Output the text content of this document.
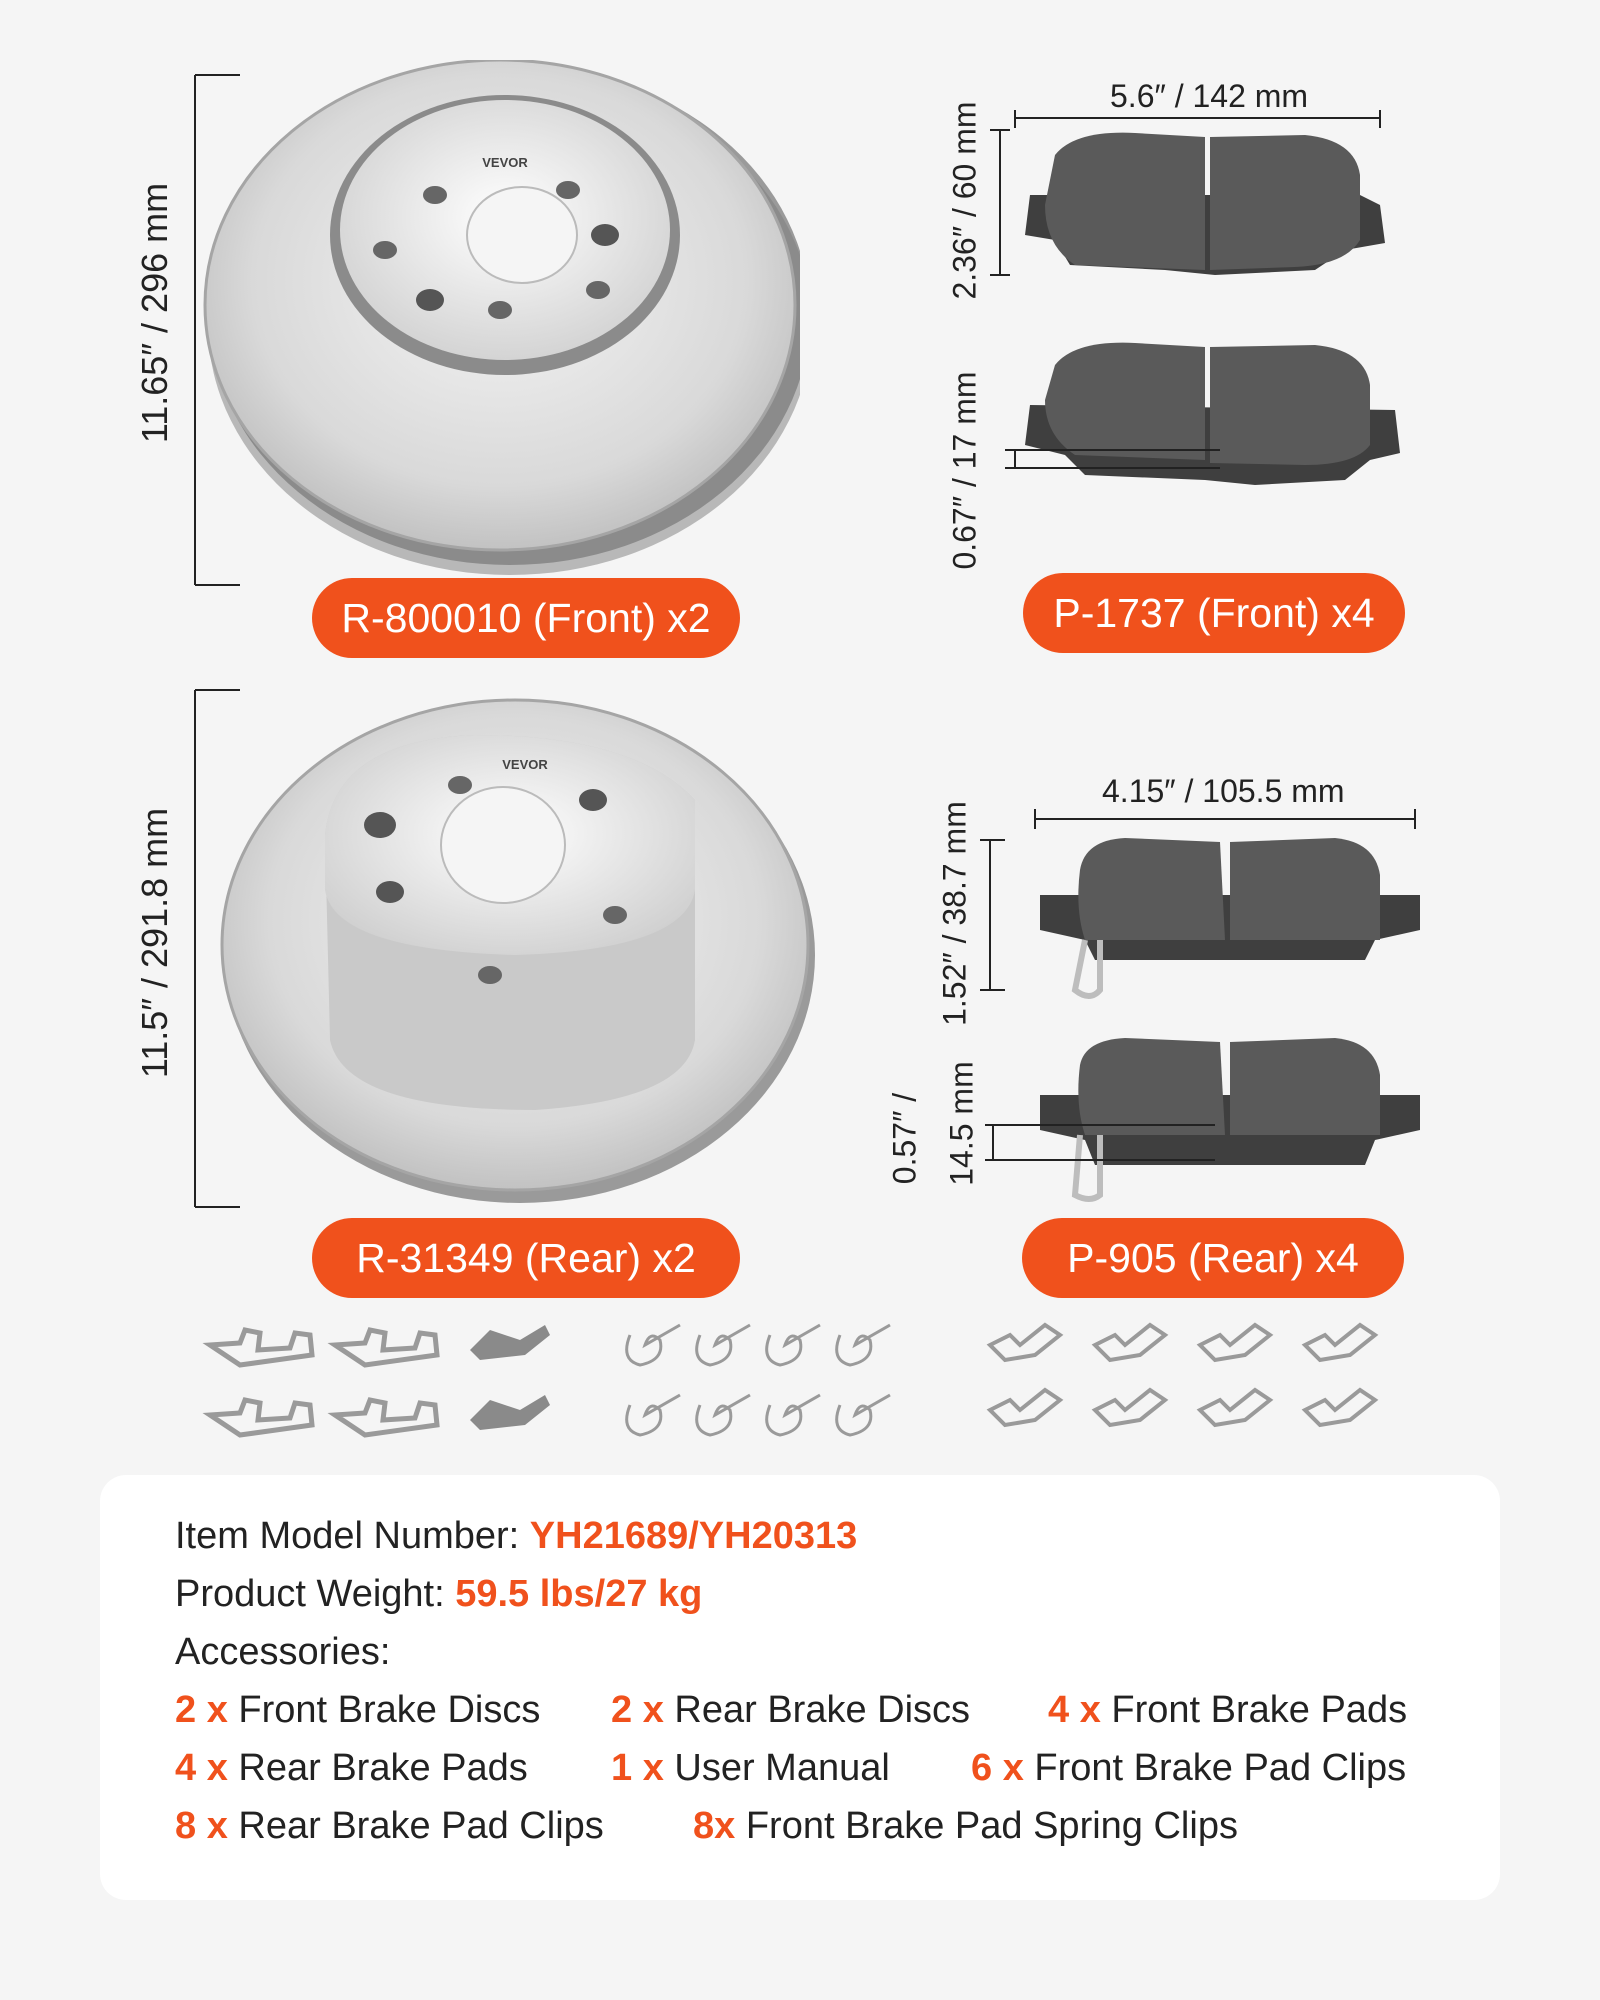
VEVOR
11.65″ / 296 mm
R-800010 (Front) x2
5.6″ / 142 mm
2.36″ / 60 mm
0.67″ / 17 mm
P-1737 (Front) x4
VEVOR
11.5″ / 291.8 mm
R-31349 (Rear) x2
4.15″ / 105.5 mm
1.52″ / 38.7 mm
0.57″ / 14.5 mm
P-905 (Rear) x4
Item Model Number: YH21689/YH20313
Product Weight: 59.5 lbs/27 kg
Accessories:
2 x Front Brake Discs 2 x Rear Brake Discs 4 x Front Brake Pads
4 x Rear Brake Pads 1 x User Manual 6 x Front Brake Pad Clips
8 x Rear Brake Pad Clips 8x Front Brake Pad Spring Clips
